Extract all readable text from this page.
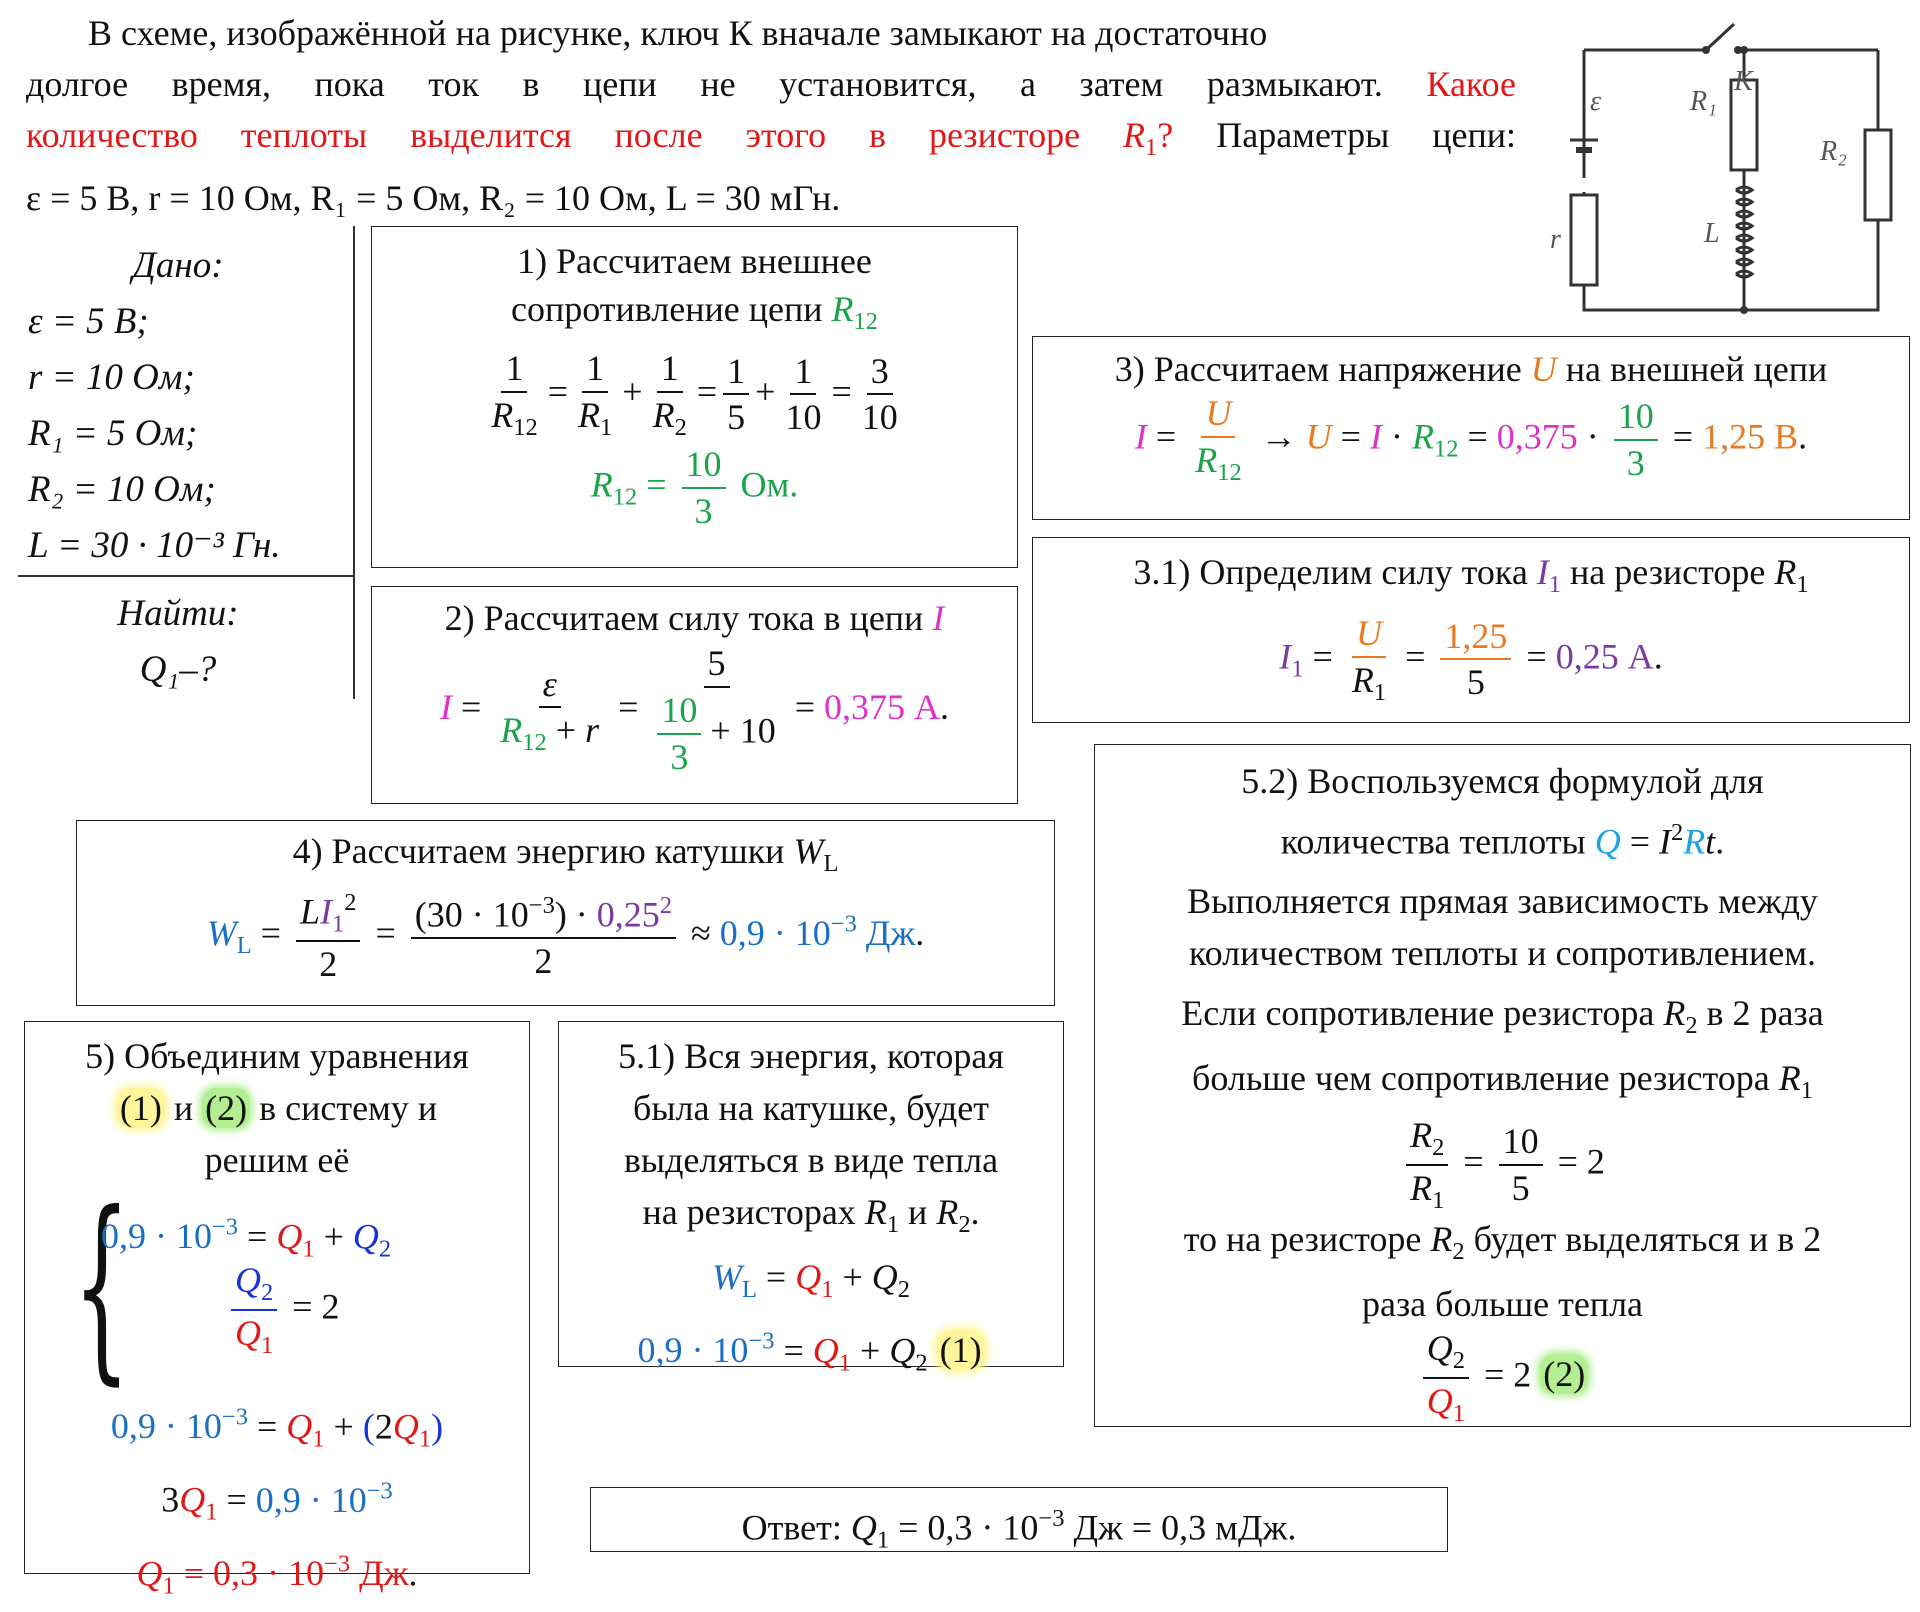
В схеме, изображённой на рисунке, ключ К вначале замыкают на достаточно
долгое время, пока ток в цепи не установится, а затем размыкают. Какое
количество теплоты выделится после этого в резисторе $R_1$? Параметры цепи:
ε = 5 В, r = 10 Ом, R₁ = 5 Ом, R₂ = 10 Ом, L = 30 мГн.
ε
К
R₁
R₂
L
r
Дано:
ε = 5 В;
r = 10 Ом;
R₁ = 5 Ом;
R₂ = 10 Ом;
L = 30 · 10⁻³ Гн.
Найти:
Q₁–?
1) Рассчитаем внешнее
сопротивление цепи $R_{12}$
$\frac{1}{R_{12}} = \frac{1}{R_1} + \frac{1}{R_2} = \frac{1}{5} + \frac{1}{10} = \frac{3}{10}$
$R_{12} = \frac{10}{3}$ Ом.
2) Рассчитаем силу тока в цепи I
$I = \frac{\varepsilon}{R_{12} + r} = \frac{5}{\frac{10}{3} + 10} = 0,375$ А.
3) Рассчитаем напряжение U на внешней цепи
$I = \frac{U}{R_{12}} \to U = I \cdot R_{12} = 0,375 \cdot \frac{10}{3} = 1,25$ В.
3.1) Определим силу тока $I_1$ на резисторе $R_1$
$I_1 = \frac{U}{R_1} = \frac{1,25}{5} = 0,25$ А.
4) Рассчитаем энергию катушки $W_L$
$W_L = \frac{LI_1^2}{2} = \frac{(30 \cdot 10^{-3}) \cdot 0,25^2}{2} \approx 0,9 \cdot 10^{-3}$ Дж.
5) Объединим уравнения
(1) и (2) в систему и
решим её
{
$0,9 \cdot 10^{-3} = Q_1 + Q_2$
$\frac{Q_2}{Q_1} = 2$
$0,9 \cdot 10^{-3} = Q_1 + (2Q_1)$
$3Q_1 = 0,9 \cdot 10^{-3}$
$Q_1 = 0,3 \cdot 10^{-3}$ Дж.
5.1) Вся энергия, которая
была на катушке, будет
выделяться в виде тепла
на резисторах $R_1$ и $R_2$.
$W_L = Q_1 + Q_2$
$0,9 \cdot 10^{-3} = Q_1 + Q_2$ (1)
5.2) Воспользуемся формулой для
количества теплоты $Q = I^2Rt$.
Выполняется прямая зависимость между
количеством теплоты и сопротивлением.
Если сопротивление резистора $R_2$ в 2 раза
больше чем сопротивление резистора $R_1$
$\frac{R_2}{R_1} = \frac{10}{5} = 2$
то на резисторе $R_2$ будет выделяться и в 2
раза больше тепла
$\frac{Q_2}{Q_1} = 2$ (2)
Ответ: $Q_1 = 0,3 \cdot 10^{-3}$ Дж = 0,3 мДж.
